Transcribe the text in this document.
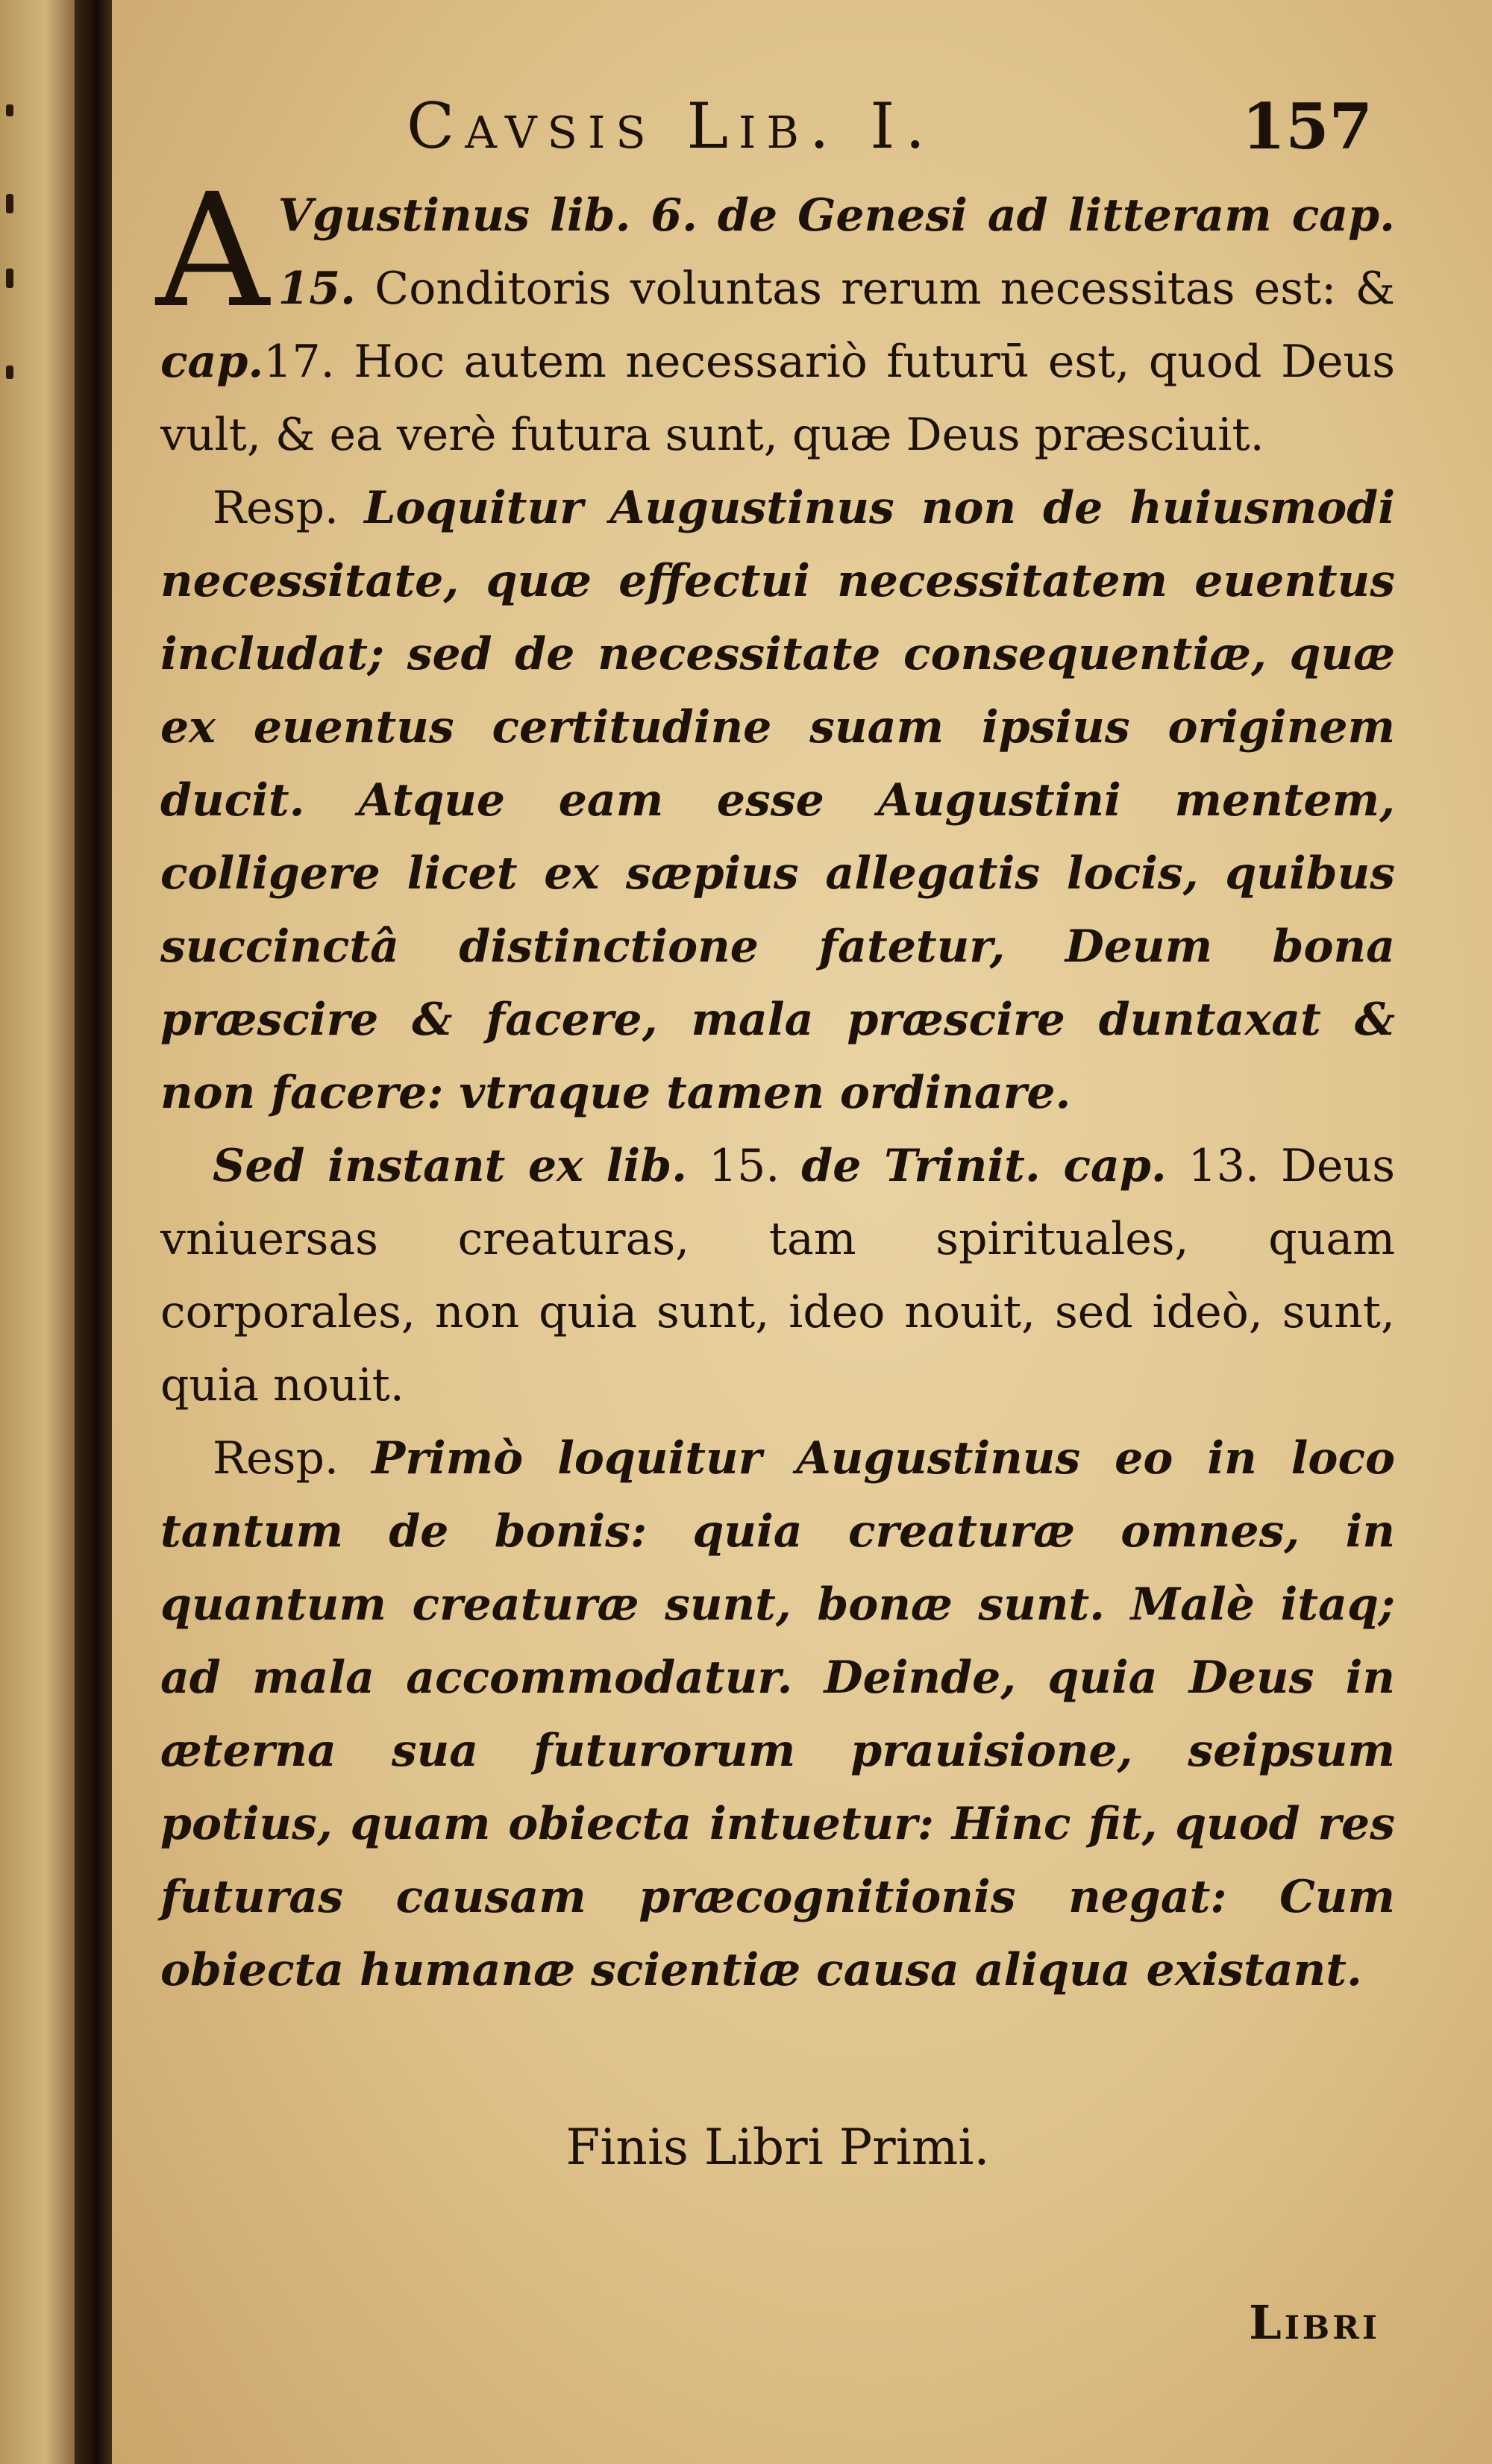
Cavsis Lib. I.	157

A Vgustinus lib. 6. de Genesi ad litteram cap. 15. Conditoris voluntas rerum necessitas est: & cap.17. Hoc autem necessariò futurū est, quod Deus vult, & ea verè futura sunt, quæ Deus præsciuit.

Resp. Loquitur Augustinus non de huiusmodi necessitate, quæ effectui necessitatem euentus includat; sed de necessitate consequentiæ, quæ ex euentus certitudine suam ipsius originem ducit. Atque eam esse Augustini mentem, colligere licet ex sæpius allegatis locis, quibus succinctâ distinctione fatetur, Deum bona præscire & facere, mala præscire duntaxat & non facere: vtraque tamen ordinare.

Sed instant ex lib. 15. de Trinit. cap. 13. Deus vniuersas creaturas, tam spirituales, quam corporales, non quia sunt, ideo nouit, sed ideò, sunt, quia nouit.

Resp. Primò loquitur Augustinus eo in loco tantum de bonis: quia creaturæ omnes, in quantum creaturæ sunt, bonæ sunt. Malè itaq; ad mala accommodatur. Deinde, quia Deus in æterna sua futurorum prauisione, seipsum potius, quam obiecta intuetur: Hinc fit, quod res futuras causam præcognitionis negat: Cum obiecta humanæ scientiæ causa aliqua existant.

Finis Libri Primi.
Libri
